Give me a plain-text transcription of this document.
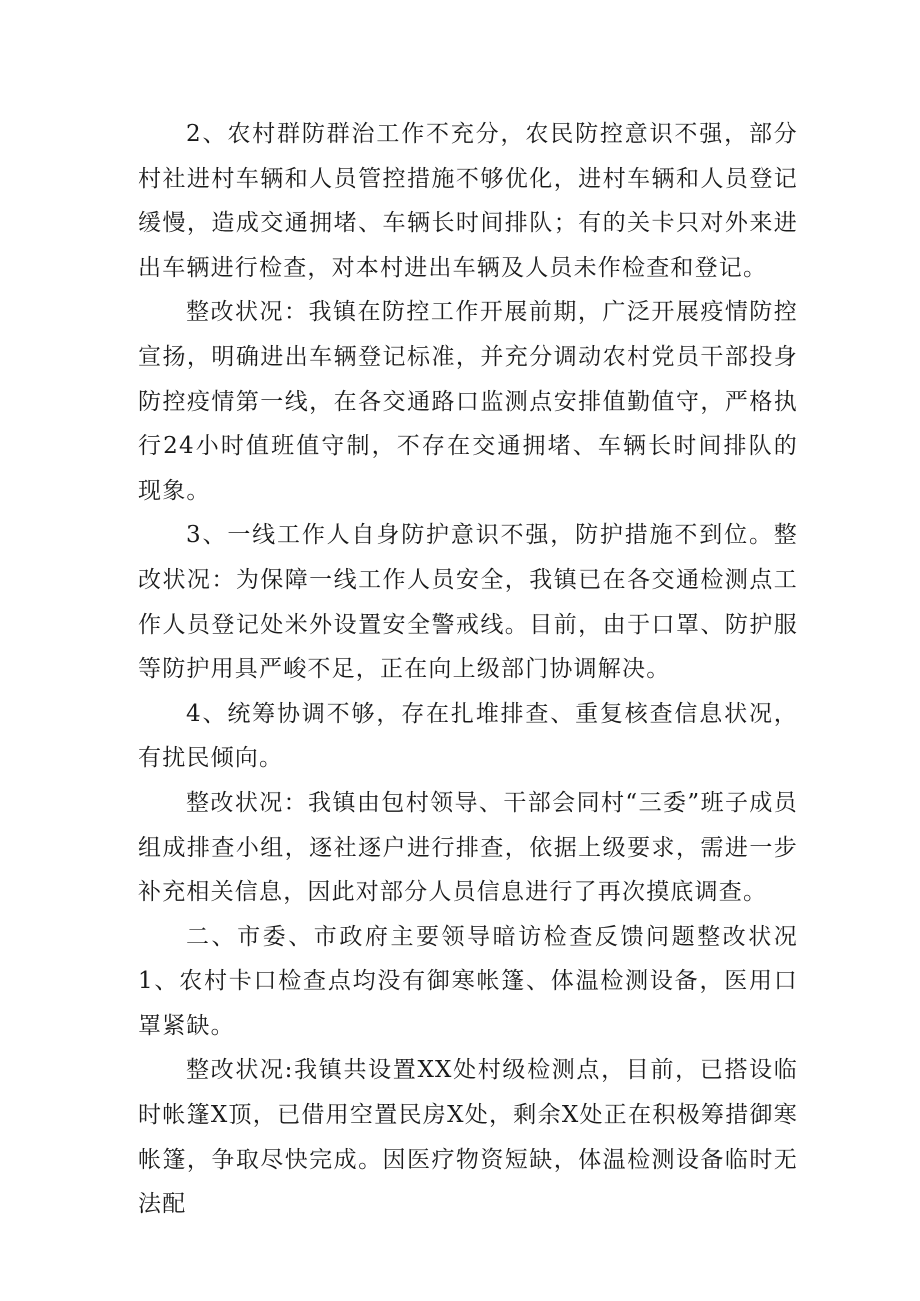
2、农村群防群治工作不充分，农民防控意识不强，部分村社进村车辆和人员管控措施不够优化，进村车辆和人员登记缓慢，造成交通拥堵、车辆长时间排队；有的关卡只对外来进出车辆进行检查，对本村进出车辆及人员未作检查和登记。

整改状况：我镇在防控工作开展前期，广泛开展疫情防控宣扬，明确进出车辆登记标准，并充分调动农村党员干部投身防控疫情第一线，在各交通路口监测点安排值勤值守，严格执行24小时值班值守制，不存在交通拥堵、车辆长时间排队的现象。

3、一线工作人自身防护意识不强，防护措施不到位。整改状况：为保障一线工作人员安全，我镇已在各交通检测点工作人员登记处米外设置安全警戒线。目前，由于口罩、防护服等防护用具严峻不足，正在向上级部门协调解决。

4、统筹协调不够，存在扎堆排查、重复核查信息状况，有扰民倾向。

整改状况：我镇由包村领导、干部会同村“三委”班子成员组成排查小组，逐社逐户进行排查，依据上级要求，需进一步补充相关信息，因此对部分人员信息进行了再次摸底调查。

二、市委、市政府主要领导暗访检查反馈问题整改状况1、农村卡口检查点均没有御寒帐篷、体温检测设备，医用口罩紧缺。

整改状况:我镇共设置XX处村级检测点，目前，已搭设临时帐篷X顶，已借用空置民房X处，剩余X处正在积极筹措御寒帐篷，争取尽快完成。因医疗物资短缺，体温检测设备临时无法配
